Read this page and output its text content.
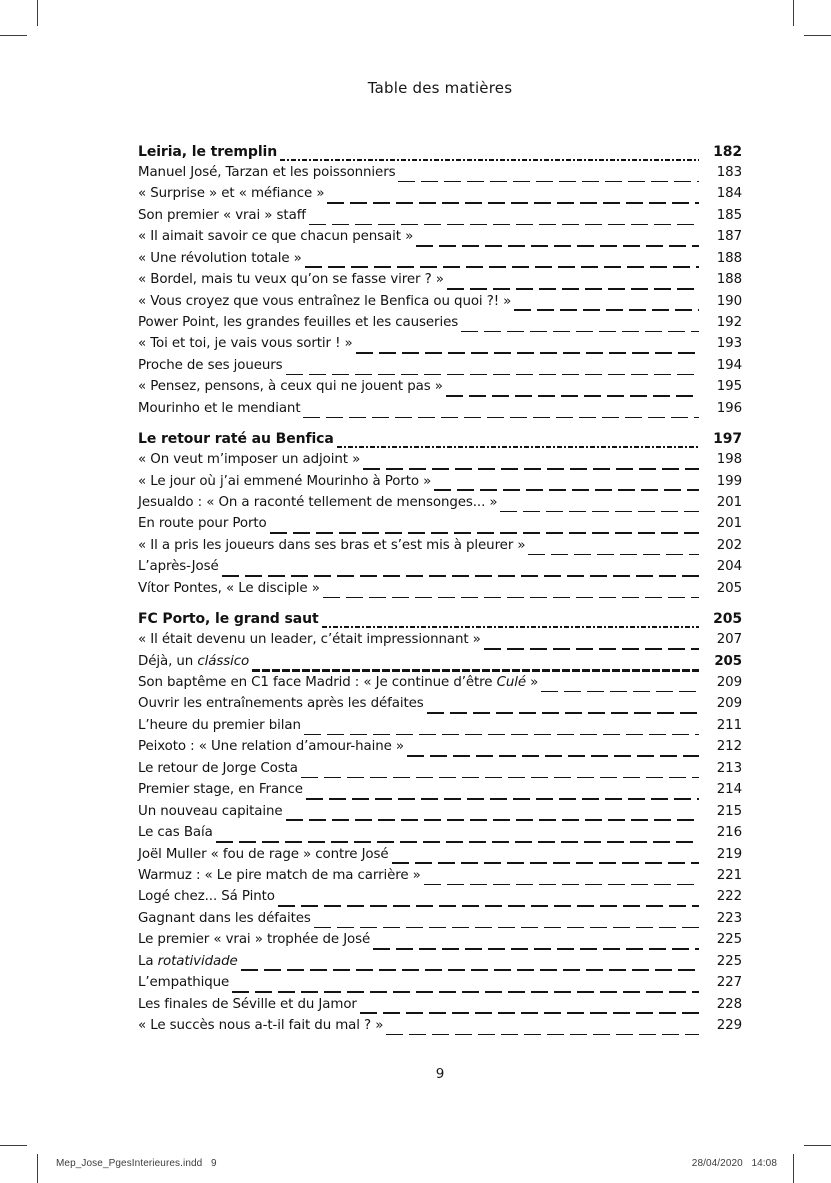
Table des matières
Leiria, le tremplin	182
Manuel José, Tarzan et les poissonniers	183
« Surprise » et « méfiance »	184
Son premier « vrai » staff	185
« Il aimait savoir ce que chacun pensait »	187
« Une révolution totale »	188
« Bordel, mais tu veux qu’on se fasse virer ? »	188
« Vous croyez que vous entraînez le Benfica ou quoi ?! »	190
Power Point, les grandes feuilles et les causeries	192
« Toi et toi, je vais vous sortir ! »	193
Proche de ses joueurs	194
« Pensez, pensons, à ceux qui ne jouent pas »	195
Mourinho et le mendiant	196
Le retour raté au Benfica	197
« On veut m’imposer un adjoint »	198
« Le jour où j’ai emmené Mourinho à Porto »	199
Jesualdo : « On a raconté tellement de mensonges... »	201
En route pour Porto	201
« Il a pris les joueurs dans ses bras et s’est mis à pleurer »	202
L’après-José	204
Vítor Pontes, « Le disciple »	205
FC Porto, le grand saut	205
« Il était devenu un leader, c’était impressionnant »	207
Déjà, un clássico	205
Son baptême en C1 face Madrid : « Je continue d’être Culé »	209
Ouvrir les entraînements après les défaites	209
L’heure du premier bilan	211
Peixoto : « Une relation d’amour-haine »	212
Le retour de Jorge Costa	213
Premier stage, en France	214
Un nouveau capitaine	215
Le cas Baía	216
Joël Muller « fou de rage » contre José	219
Warmuz : « Le pire match de ma carrière »	221
Logé chez... Sá Pinto	222
Gagnant dans les défaites	223
Le premier « vrai » trophée de José	225
La rotatividade	225
L’empathique	227
Les finales de Séville et du Jamor	228
« Le succès nous a-t-il fait du mal ? »	229
9
Mep_Jose_PgesInterieures.indd   9	28/04/2020   14:08
